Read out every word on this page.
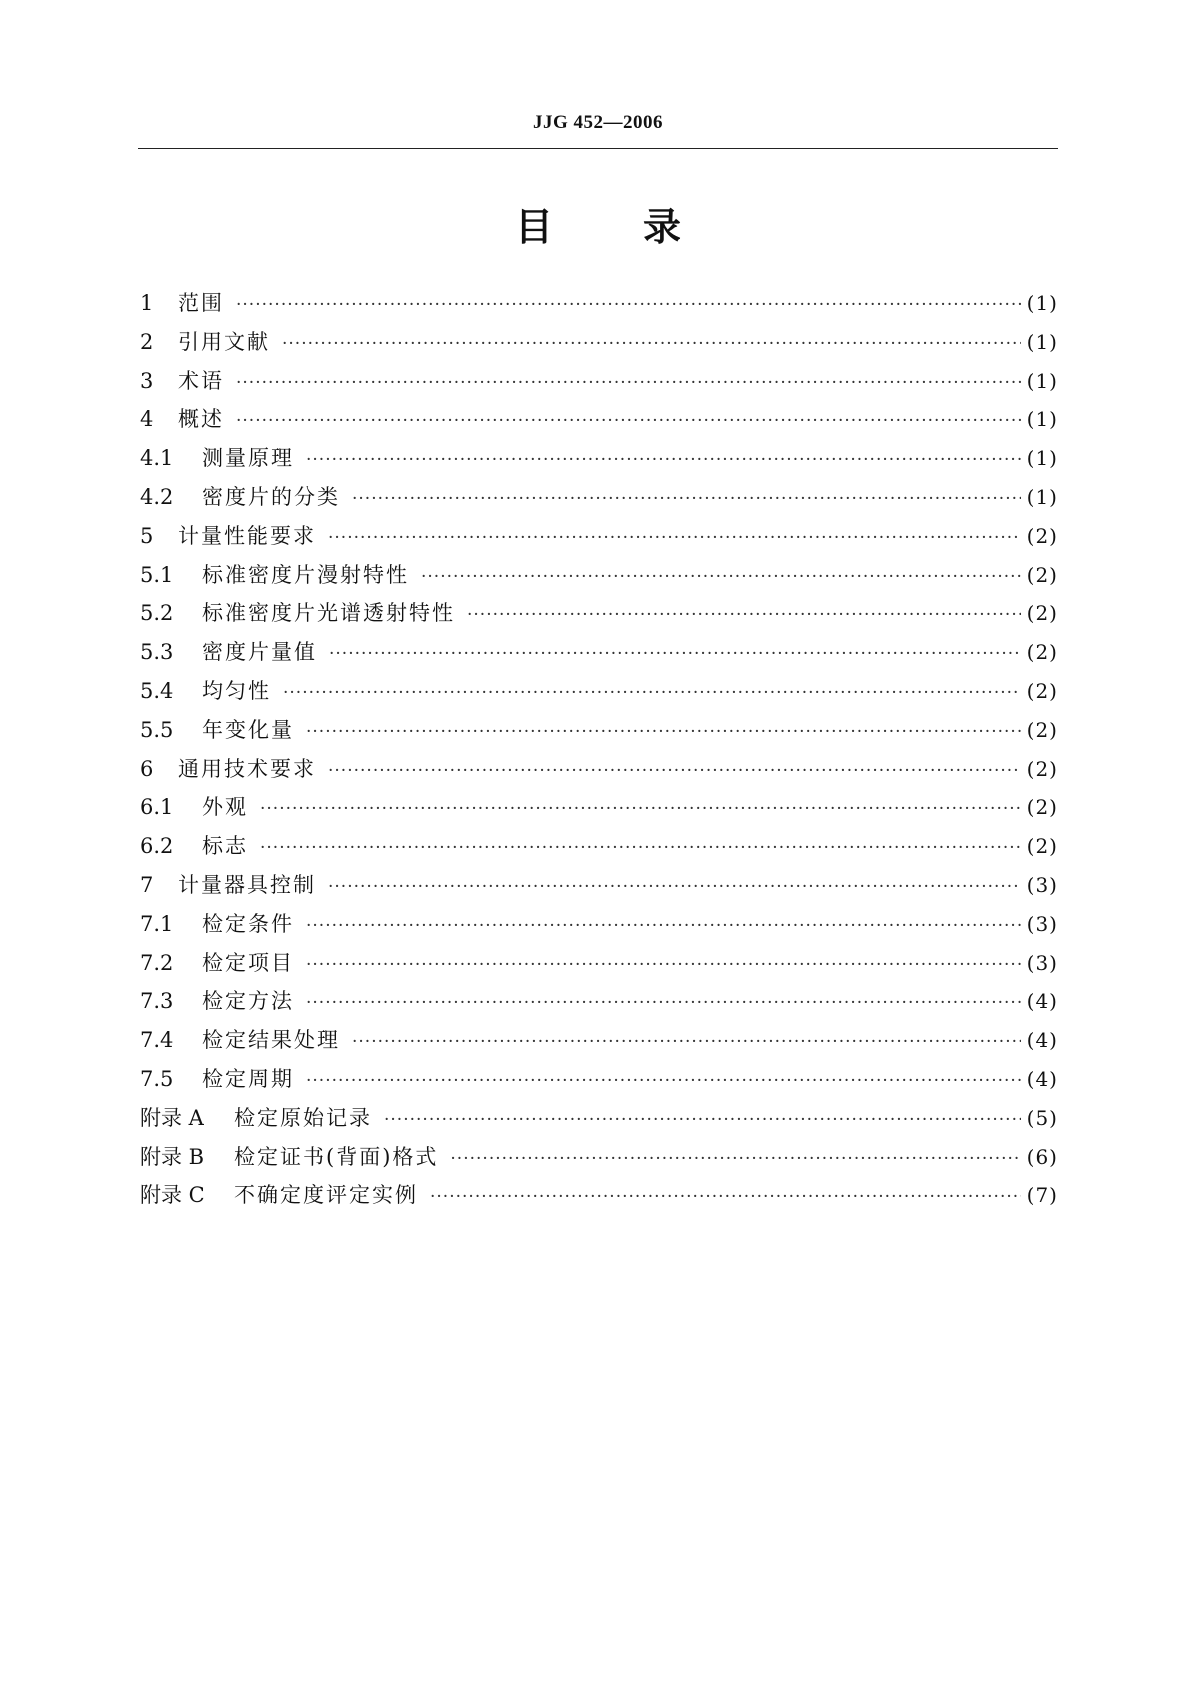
JJG 452—2006
目 录
1	范围 ·····	(1)
2	引用文献 ·····	(1)
3	术语 ·····	(1)
4	概述 ·····	(1)
4.1	测量原理 ·····	(1)
4.2	密度片的分类 ·····	(1)
5	计量性能要求 ·····	(2)
5.1	标准密度片漫射特性 ·····	(2)
5.2	标准密度片光谱透射特性 ·····	(2)
5.3	密度片量值 ·····	(2)
5.4	均匀性 ·····	(2)
5.5	年变化量 ·····	(2)
6	通用技术要求 ·····	(2)
6.1	外观 ·····	(2)
6.2	标志 ·····	(2)
7	计量器具控制 ·····	(3)
7.1	检定条件 ·····	(3)
7.2	检定项目 ·····	(3)
7.3	检定方法 ·····	(4)
7.4	检定结果处理 ·····	(4)
7.5	检定周期 ·····	(4)
附录 A	检定原始记录 ·····	(5)
附录 B	检定证书(背面)格式 ·····	(6)
附录 C	不确定度评定实例 ·····	(7)
